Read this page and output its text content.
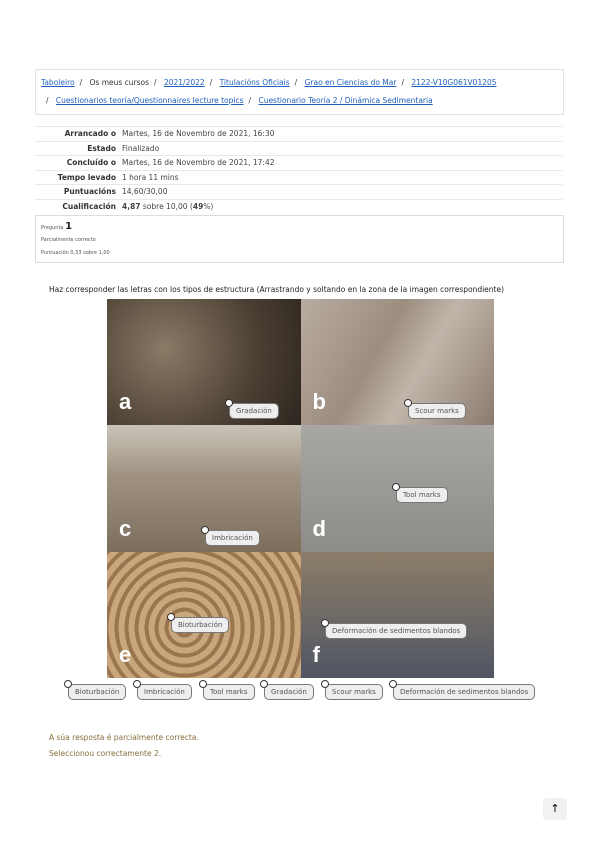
Taboleiro / Os meus cursos / 2021/2022 / Titulacións Oficiais / Grao en Ciencias do Mar / 2122-V10G061V01205
/ Cuestionarios teoría/Questionnaires lecture topics / Cuestionario Teoría 2 / Dinámica Sedimentaria
Arrancado o	Martes, 16 de Novembro de 2021, 16:30
Estado	Finalizado
Concluído o	Martes, 16 de Novembro de 2021, 17:42
Tempo levado	1 hora 11 mins
Puntuacións	14,60/30,00
Cualificación	4,87 sobre 10,00 (49%)
Pregunta 1
Parcialmente correcto
Puntuación 0,33 sobre 1,00
Haz corresponder las letras con los tipos de estructura (Arrastrando y soltando en la zona de la imagen correspondiente)
a	b
c	d
e	f
Gradación	Scour marks
Tool marks
Imbricación
Bioturbación
Deformación de sedimentos blandos
Bioturbación	Imbricación	Tool marks	Gradación	Scour marks	Deformación de sedimentos blandos
A súa resposta é parcialmente correcta.
Seleccionou correctamente 2.
↑
